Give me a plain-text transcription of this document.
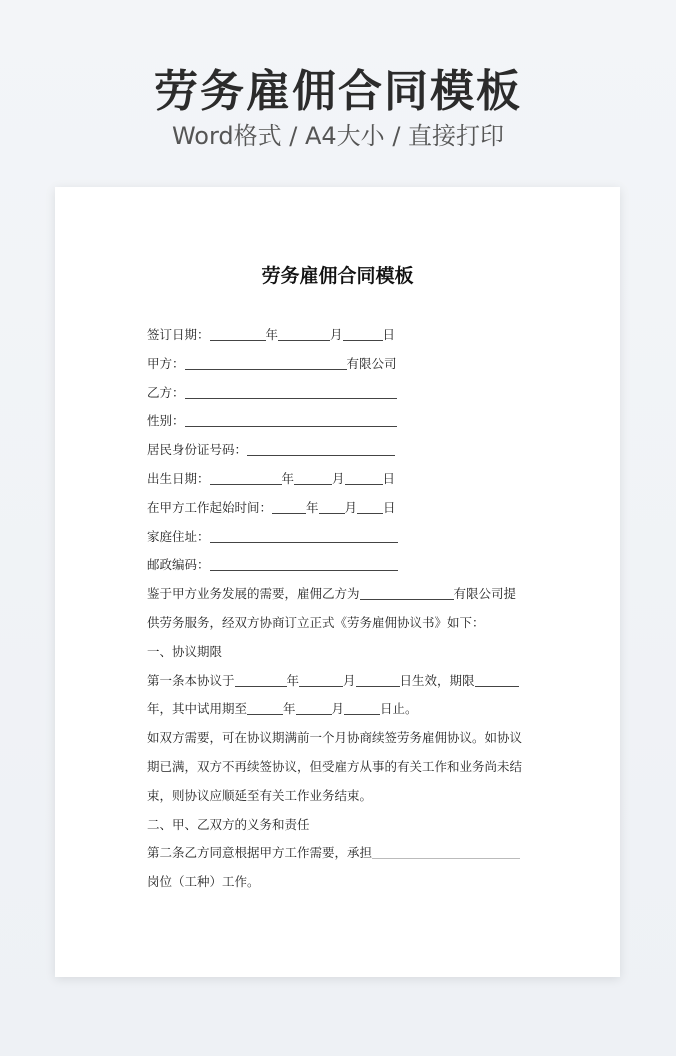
劳务雇佣合同模板
Word格式 / A4大小 / 直接打印
劳务雇佣合同模板
签订日期：	年	月	日
甲方：	有限公司
乙方：
性别：
居民身份证号码：
出生日期：	年	月	日
在甲方工作起始时间：	年 月 日
家庭住址：
邮政编码：
鉴于甲方业务发展的需要，雇佣乙方为	有限公司提
供劳务服务，经双方协商订立正式《劳务雇佣协议书》如下：
一、协议期限
第一条本协议于	年	月	日生效，期限
年，其中试用期至	年	月	日止。
如双方需要，可在协议期满前一个月协商续签劳务雇佣协议。如协议
期已满，双方不再续签协议，但受雇方从事的有关工作和业务尚未结
束，则协议应顺延至有关工作业务结束。
二、甲、乙双方的义务和责任
第二条乙方同意根据甲方工作需要，承担
岗位（工种）工作。
